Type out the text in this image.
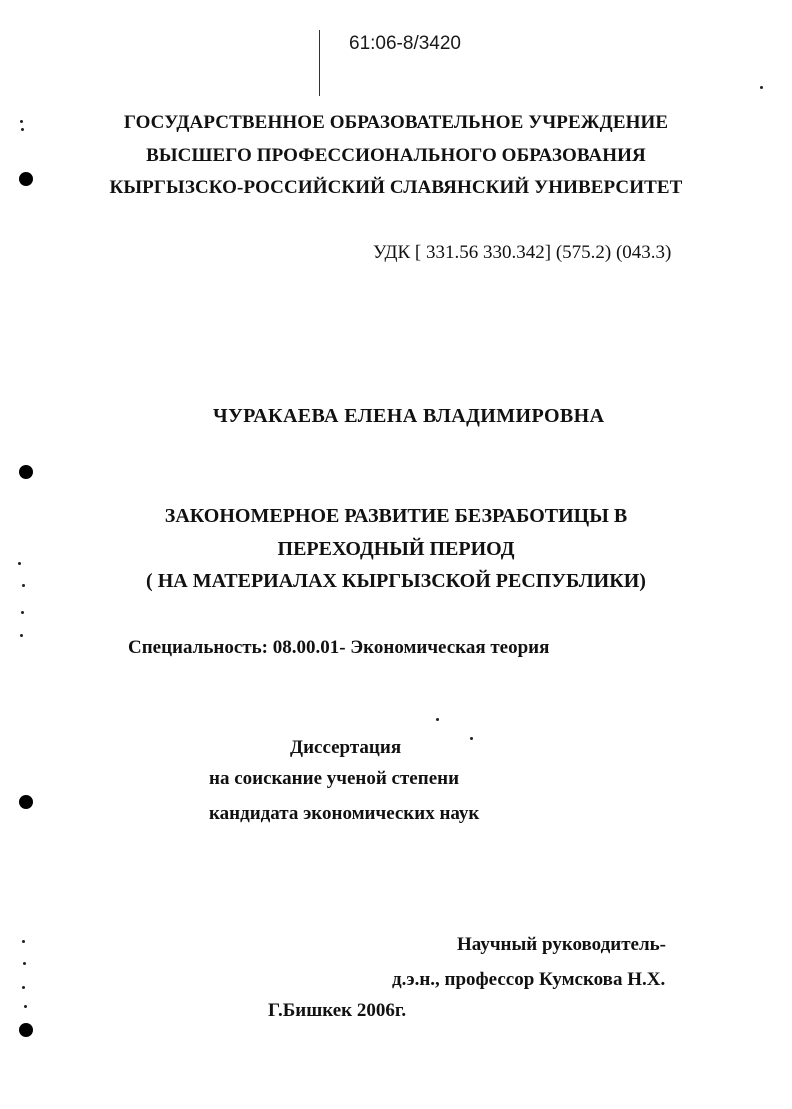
61:06-8/3420
ГОСУДАРСТВЕННОЕ ОБРАЗОВАТЕЛЬНОЕ УЧРЕЖДЕНИЕ
ВЫСШЕГО ПРОФЕССИОНАЛЬНОГО ОБРАЗОВАНИЯ
КЫРГЫЗСКО-РОССИЙСКИЙ СЛАВЯНСКИЙ УНИВЕРСИТЕТ
УДК [ 331.56 330.342] (575.2) (043.3)
ЧУРАКАЕВА ЕЛЕНА ВЛАДИМИРОВНА
ЗАКОНОМЕРНОЕ РАЗВИТИЕ БЕЗРАБОТИЦЫ В
ПЕРЕХОДНЫЙ ПЕРИОД
( НА МАТЕРИАЛАХ КЫРГЫЗСКОЙ РЕСПУБЛИКИ)
Специальность: 08.00.01- Экономическая теория
Диссертация
на соискание ученой степени
кандидата экономических наук
Научный руководитель-
д.э.н., профессор Кумскова Н.Х.
Г.Бишкек 2006г.
